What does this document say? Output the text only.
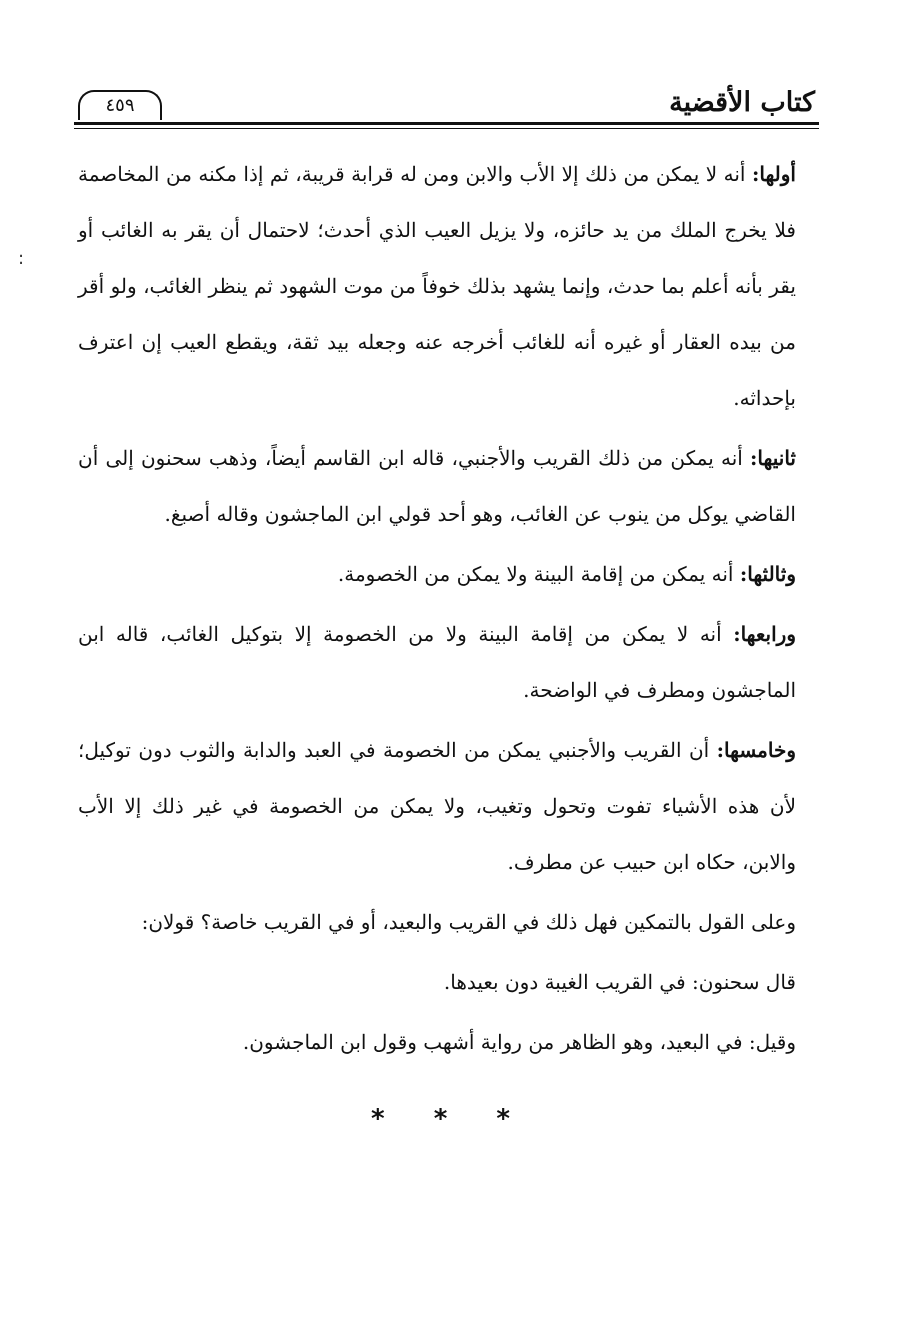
كتاب الأقضية
٤٥٩
:

أولها: أنه لا يمكن من ذلك إلا الأب والابن ومن له قرابة قريبة، ثم إذا مكنه من المخاصمة فلا يخرج الملك من يد حائزه، ولا يزيل العيب الذي أحدث؛ لاحتمال أن يقر به الغائب أو يقر بأنه أعلم بما حدث، وإنما يشهد بذلك خوفاً من موت الشهود ثم ينظر الغائب، ولو أقر من بيده العقار أو غيره أنه للغائب أخرجه عنه وجعله بيد ثقة، ويقطع العيب إن اعترف بإحداثه.

ثانيها: أنه يمكن من ذلك القريب والأجنبي، قاله ابن القاسم أيضاً، وذهب سحنون إلى أن القاضي يوكل من ينوب عن الغائب، وهو أحد قولي ابن الماجشون وقاله أصبغ.

وثالثها: أنه يمكن من إقامة البينة ولا يمكن من الخصومة.

ورابعها: أنه لا يمكن من إقامة البينة ولا من الخصومة إلا بتوكيل الغائب، قاله ابن الماجشون ومطرف في الواضحة.

وخامسها: أن القريب والأجنبي يمكن من الخصومة في العبد والدابة والثوب دون توكيل؛ لأن هذه الأشياء تفوت وتحول وتغيب، ولا يمكن من الخصومة في غير ذلك إلا الأب والابن، حكاه ابن حبيب عن مطرف.

وعلى القول بالتمكين فهل ذلك في القريب والبعيد، أو في القريب خاصة؟ قولان:

قال سحنون: في القريب الغيبة دون بعيدها.

وقيل: في البعيد، وهو الظاهر من رواية أشهب وقول ابن الماجشون.

* * *
